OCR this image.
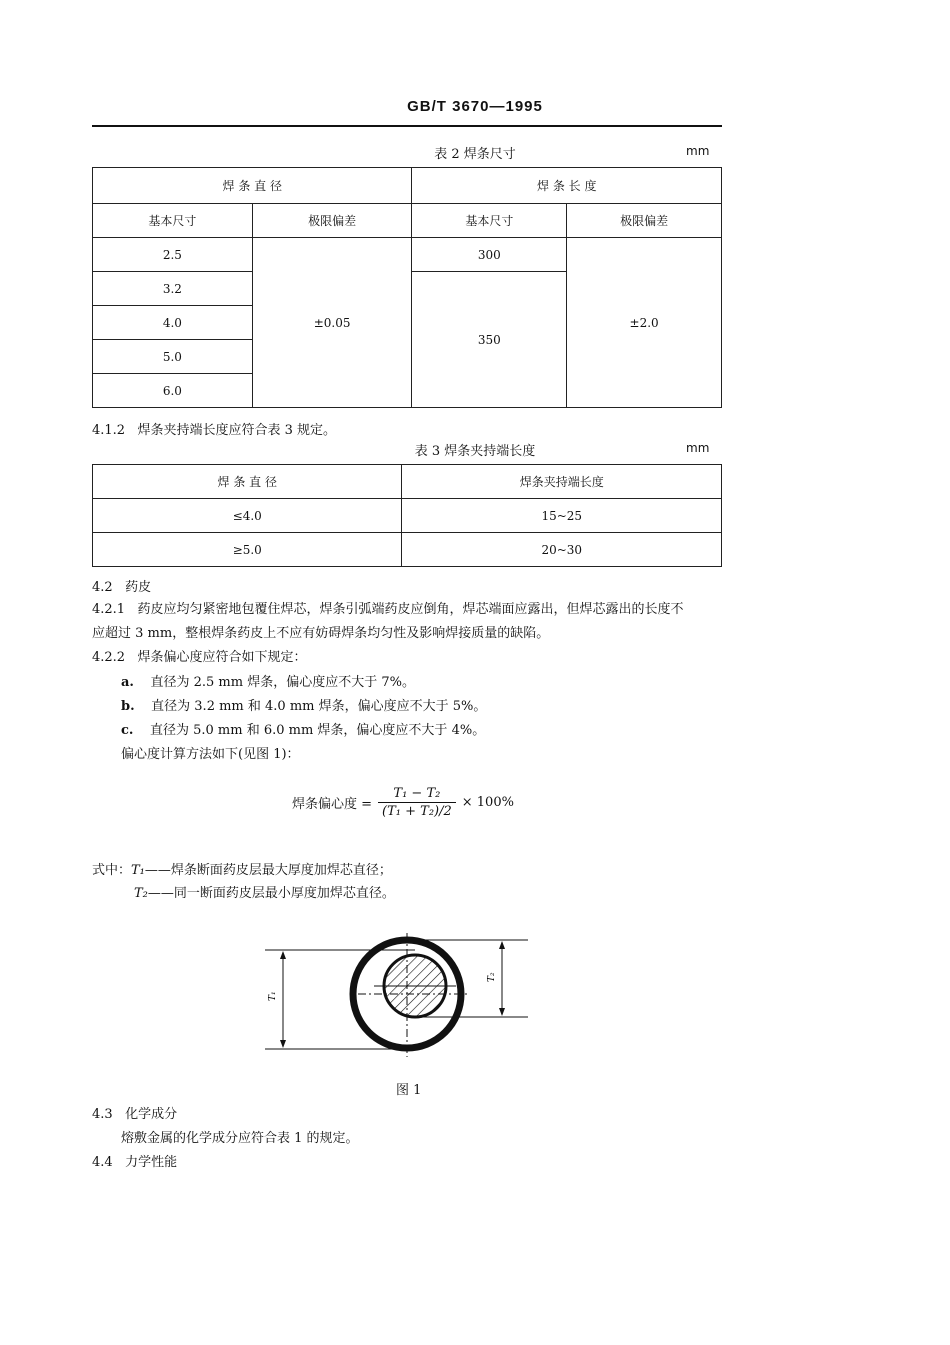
GB/T 3670—1995
表 2 焊条尺寸	mm
焊 条 直 径		焊 条 长 度	
基本尺寸	极限偏差	基本尺寸	极限偏差
2.5	±0.05	300	±2.0
3.2		350	
4.0			
5.0			
6.0			
4.1.2 焊条夹持端长度应符合表 3 规定。
表 3 焊条夹持端长度	mm
焊 条 直 径	焊条夹持端长度
≤4.0	15~25
≥5.0	20~30
4.2 药皮
4.2.1 药皮应均匀紧密地包覆住焊芯，焊条引弧端药皮应倒角，焊芯端面应露出，但焊芯露出的长度不
应超过 3 mm，整根焊条药皮上不应有妨碍焊条均匀性及影响焊接质量的缺陷。
4.2.2 焊条偏心度应符合如下规定：
a. 直径为 2.5 mm 焊条，偏心度应不大于 7%。
b. 直径为 3.2 mm 和 4.0 mm 焊条，偏心度应不大于 5%。
c. 直径为 5.0 mm 和 6.0 mm 焊条，偏心度应不大于 4%。
偏心度计算方法如下(见图 1)：
焊条偏心度 = $\frac{\text{T₁ − T₂}}{\text{(T₁ + T₂)/2}} \times 100\%$
式中：T₁——焊条断面药皮层最大厚度加焊芯直径；
T₂——同一断面药皮层最小厚度加焊芯直径。
T₁
T₂
图 1
4.3 化学成分
熔敷金属的化学成分应符合表 1 的规定。
4.4 力学性能
